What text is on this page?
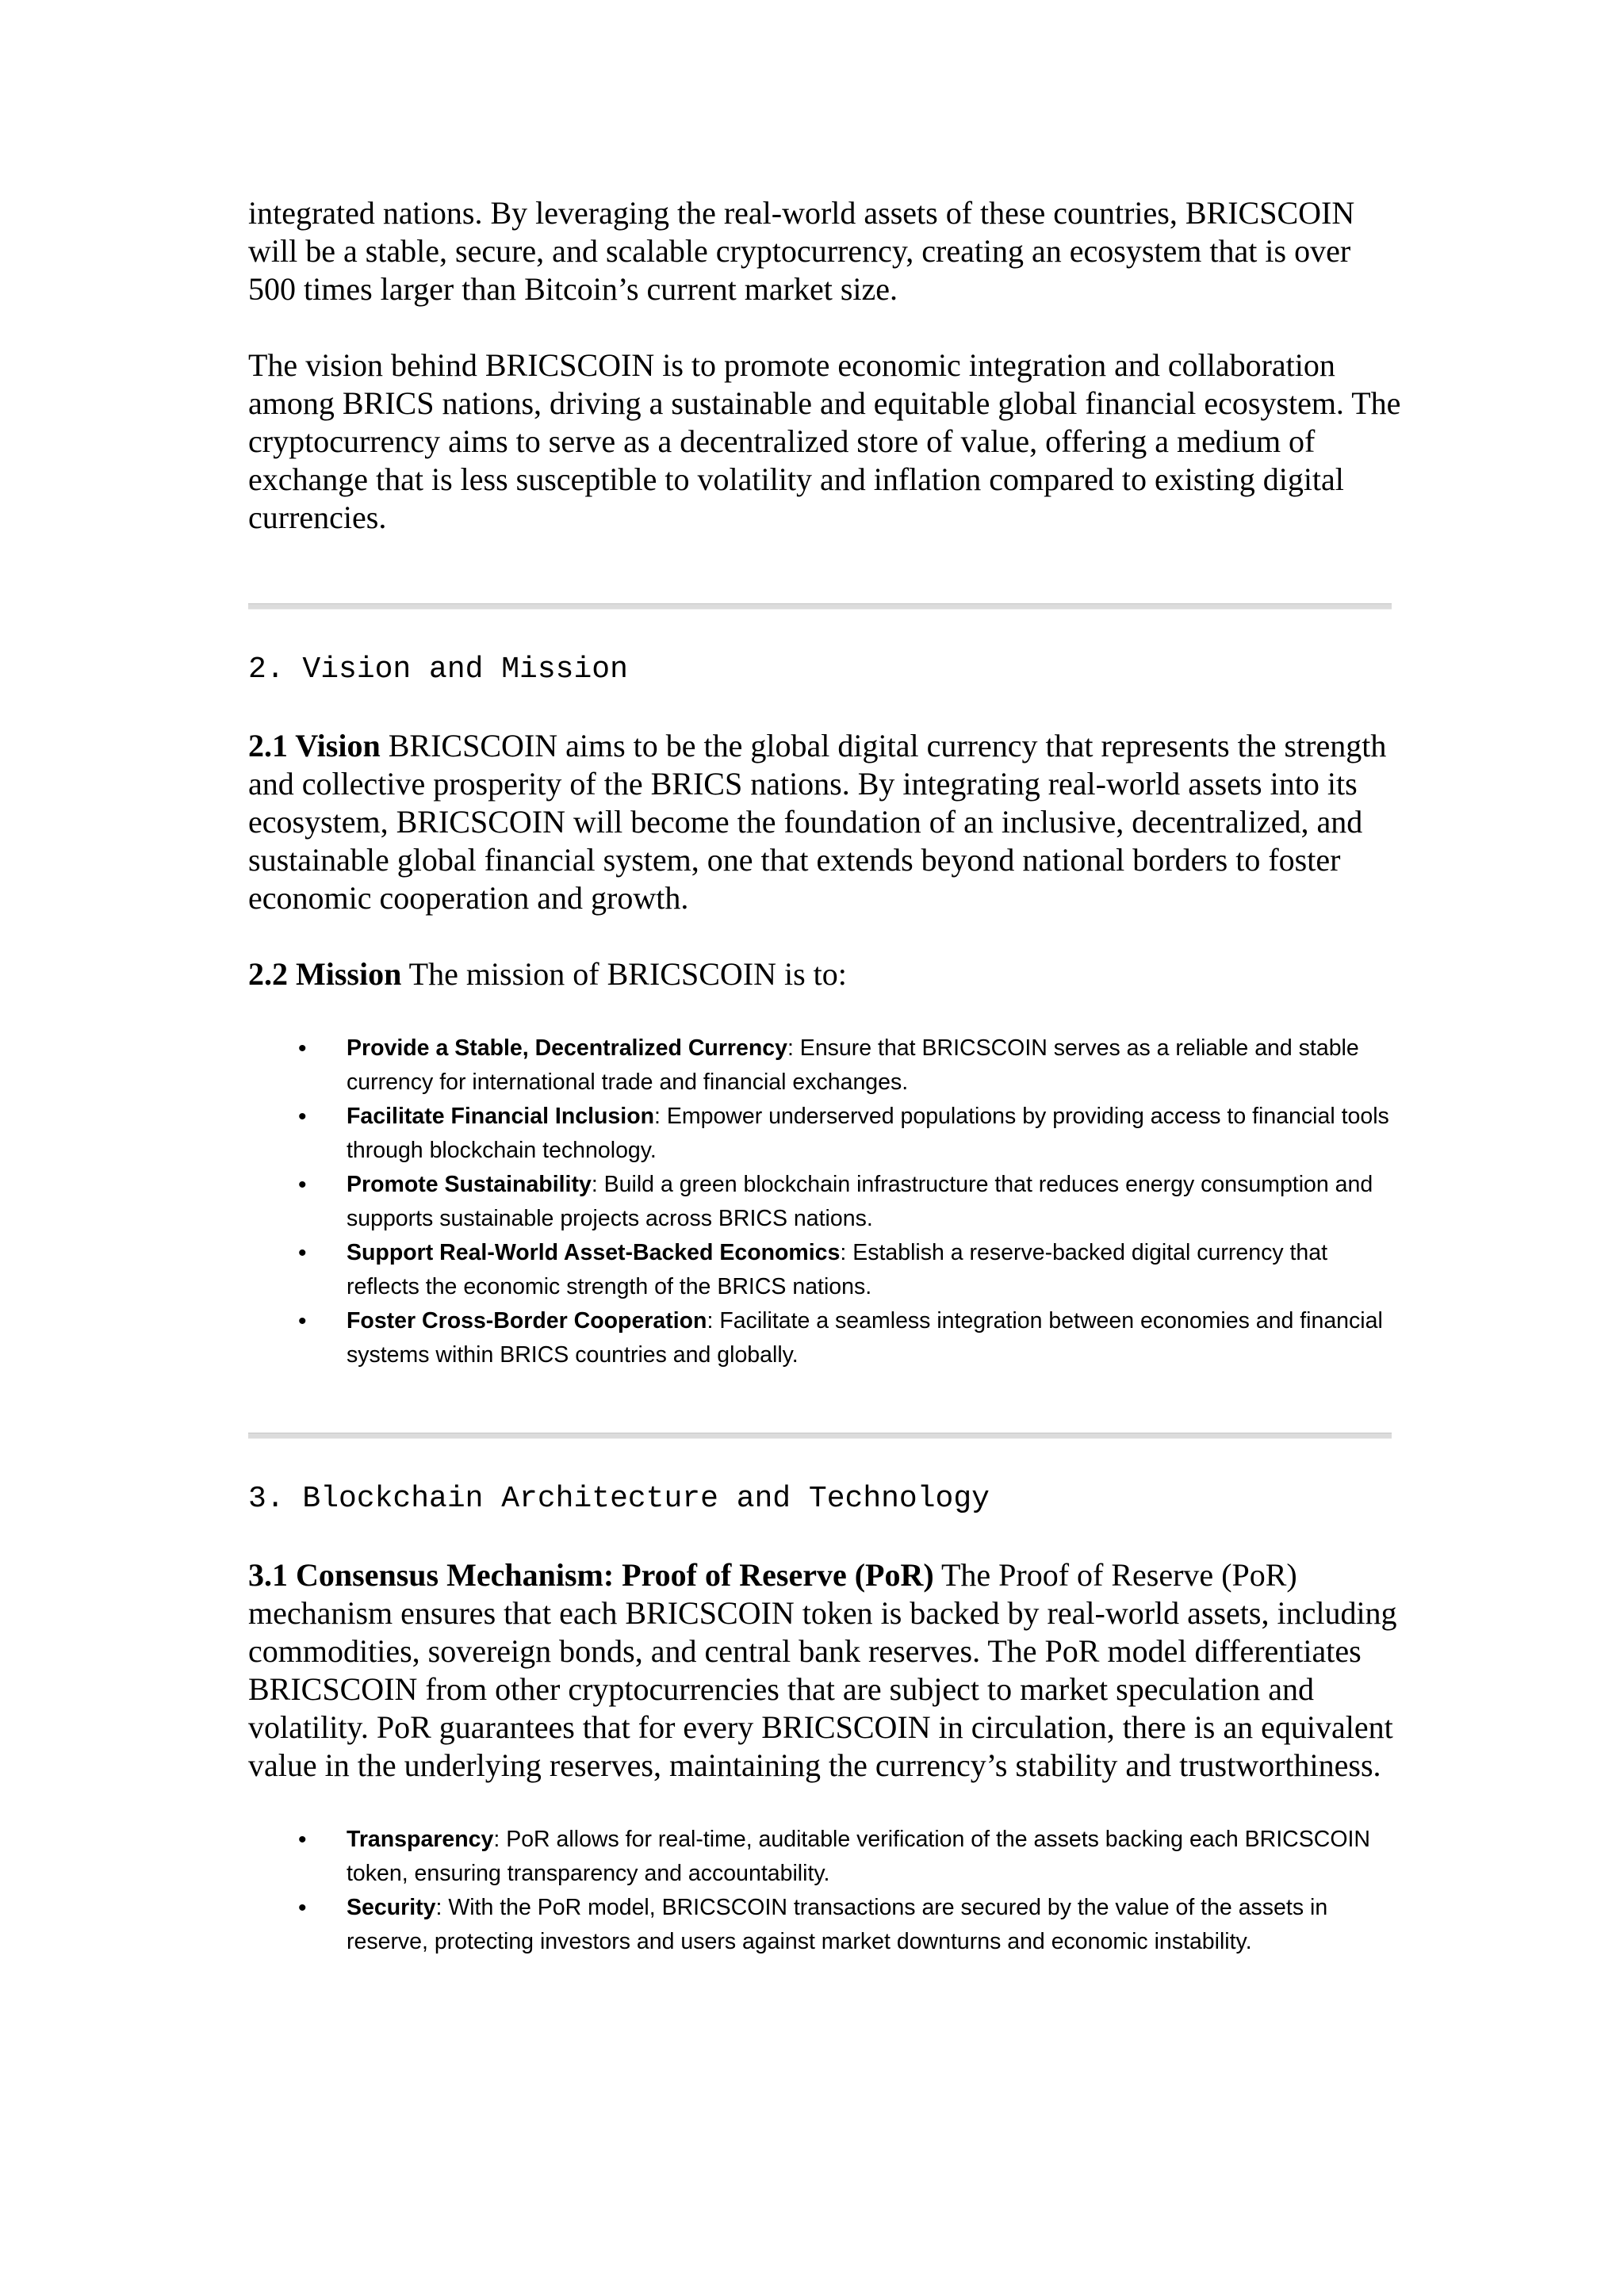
integrated nations. By leveraging the real-world assets of these countries, BRICSCOIN will be a stable, secure, and scalable cryptocurrency, creating an ecosystem that is over 500 times larger than Bitcoin’s current market size.

The vision behind BRICSCOIN is to promote economic integration and collaboration among BRICS nations, driving a sustainable and equitable global financial ecosystem. The cryptocurrency aims to serve as a decentralized store of value, offering a medium of exchange that is less susceptible to volatility and inflation compared to existing digital currencies.

2. Vision and Mission

2.1 Vision BRICSCOIN aims to be the global digital currency that represents the strength and collective prosperity of the BRICS nations. By integrating real-world assets into its ecosystem, BRICSCOIN will become the foundation of an inclusive, decentralized, and sustainable global financial system, one that extends beyond national borders to foster economic cooperation and growth.

2.2 Mission The mission of BRICSCOIN is to:

• Provide a Stable, Decentralized Currency: Ensure that BRICSCOIN serves as a reliable and stable currency for international trade and financial exchanges.
• Facilitate Financial Inclusion: Empower underserved populations by providing access to financial tools through blockchain technology.
• Promote Sustainability: Build a green blockchain infrastructure that reduces energy consumption and supports sustainable projects across BRICS nations.
• Support Real-World Asset-Backed Economics: Establish a reserve-backed digital currency that reflects the economic strength of the BRICS nations.
• Foster Cross-Border Cooperation: Facilitate a seamless integration between economies and financial systems within BRICS countries and globally.
3. Blockchain Architecture and Technology

3.1 Consensus Mechanism: Proof of Reserve (PoR) The Proof of Reserve (PoR) mechanism ensures that each BRICSCOIN token is backed by real-world assets, including commodities, sovereign bonds, and central bank reserves. The PoR model differentiates BRICSCOIN from other cryptocurrencies that are subject to market speculation and volatility. PoR guarantees that for every BRICSCOIN in circulation, there is an equivalent value in the underlying reserves, maintaining the currency’s stability and trustworthiness.

• Transparency: PoR allows for real-time, auditable verification of the assets backing each BRICSCOIN token, ensuring transparency and accountability.
• Security: With the PoR model, BRICSCOIN transactions are secured by the value of the assets in reserve, protecting investors and users against market downturns and economic instability.
